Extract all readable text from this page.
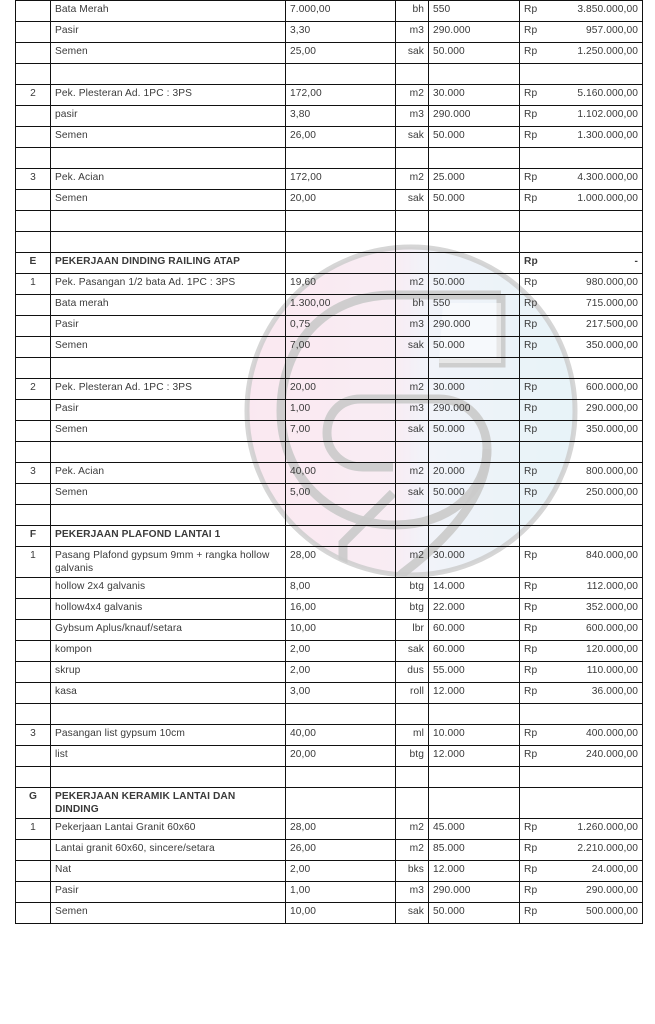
	Bata Merah	7.000,00	bh	550	Rp	3.850.000,00
	Pasir	3,30	m3	290.000	Rp	957.000,00
	Semen	25,00	sak	50.000	Rp	1.250.000,00

2	Pek. Plesteran Ad. 1PC : 3PS	172,00	m2	30.000	Rp	5.160.000,00
	pasir	3,80	m3	290.000	Rp	1.102.000,00
	Semen	26,00	sak	50.000	Rp	1.300.000,00

3	Pek. Acian	172,00	m2	25.000	Rp	4.300.000,00
	Semen	20,00	sak	50.000	Rp	1.000.000,00

E	PEKERJAAN DINDING RAILING ATAP				Rp	-
1	Pek. Pasangan 1/2 bata Ad. 1PC : 3PS	19,60	m2	50.000	Rp	980.000,00
	Bata merah	1.300,00	bh	550	Rp	715.000,00
	Pasir	0,75	m3	290.000	Rp	217.500,00
	Semen	7,00	sak	50.000	Rp	350.000,00

2	Pek. Plesteran Ad. 1PC : 3PS	20,00	m2	30.000	Rp	600.000,00
	Pasir	1,00	m3	290.000	Rp	290.000,00
	Semen	7,00	sak	50.000	Rp	350.000,00

3	Pek. Acian	40,00	m2	20.000	Rp	800.000,00
	Semen	5,00	sak	50.000	Rp	250.000,00

F	PEKERJAAN PLAFOND LANTAI 1					
1	Pasang Plafond gypsum 9mm + rangka hollow galvanis	28,00	m2	30.000	Rp	840.000,00
	hollow 2x4 galvanis	8,00	btg	14.000	Rp	112.000,00
	hollow4x4 galvanis	16,00	btg	22.000	Rp	352.000,00
	Gybsum Aplus/knauf/setara	10,00	lbr	60.000	Rp	600.000,00
	kompon	2,00	sak	60.000	Rp	120.000,00
	skrup	2,00	dus	55.000	Rp	110.000,00
	kasa	3,00	roll	12.000	Rp	36.000,00

3	Pasangan list gypsum 10cm	40,00	ml	10.000	Rp	400.000,00
	list	20,00	btg	12.000	Rp	240.000,00

G	PEKERJAAN KERAMIK LANTAI DAN DINDING					
1	Pekerjaan Lantai Granit 60x60	28,00	m2	45.000	Rp	1.260.000,00
	Lantai granit 60x60, sincere/setara	26,00	m2	85.000	Rp	2.210.000,00
	Nat	2,00	bks	12.000	Rp	24.000,00
	Pasir	1,00	m3	290.000	Rp	290.000,00
	Semen	10,00	sak	50.000	Rp	500.000,00
